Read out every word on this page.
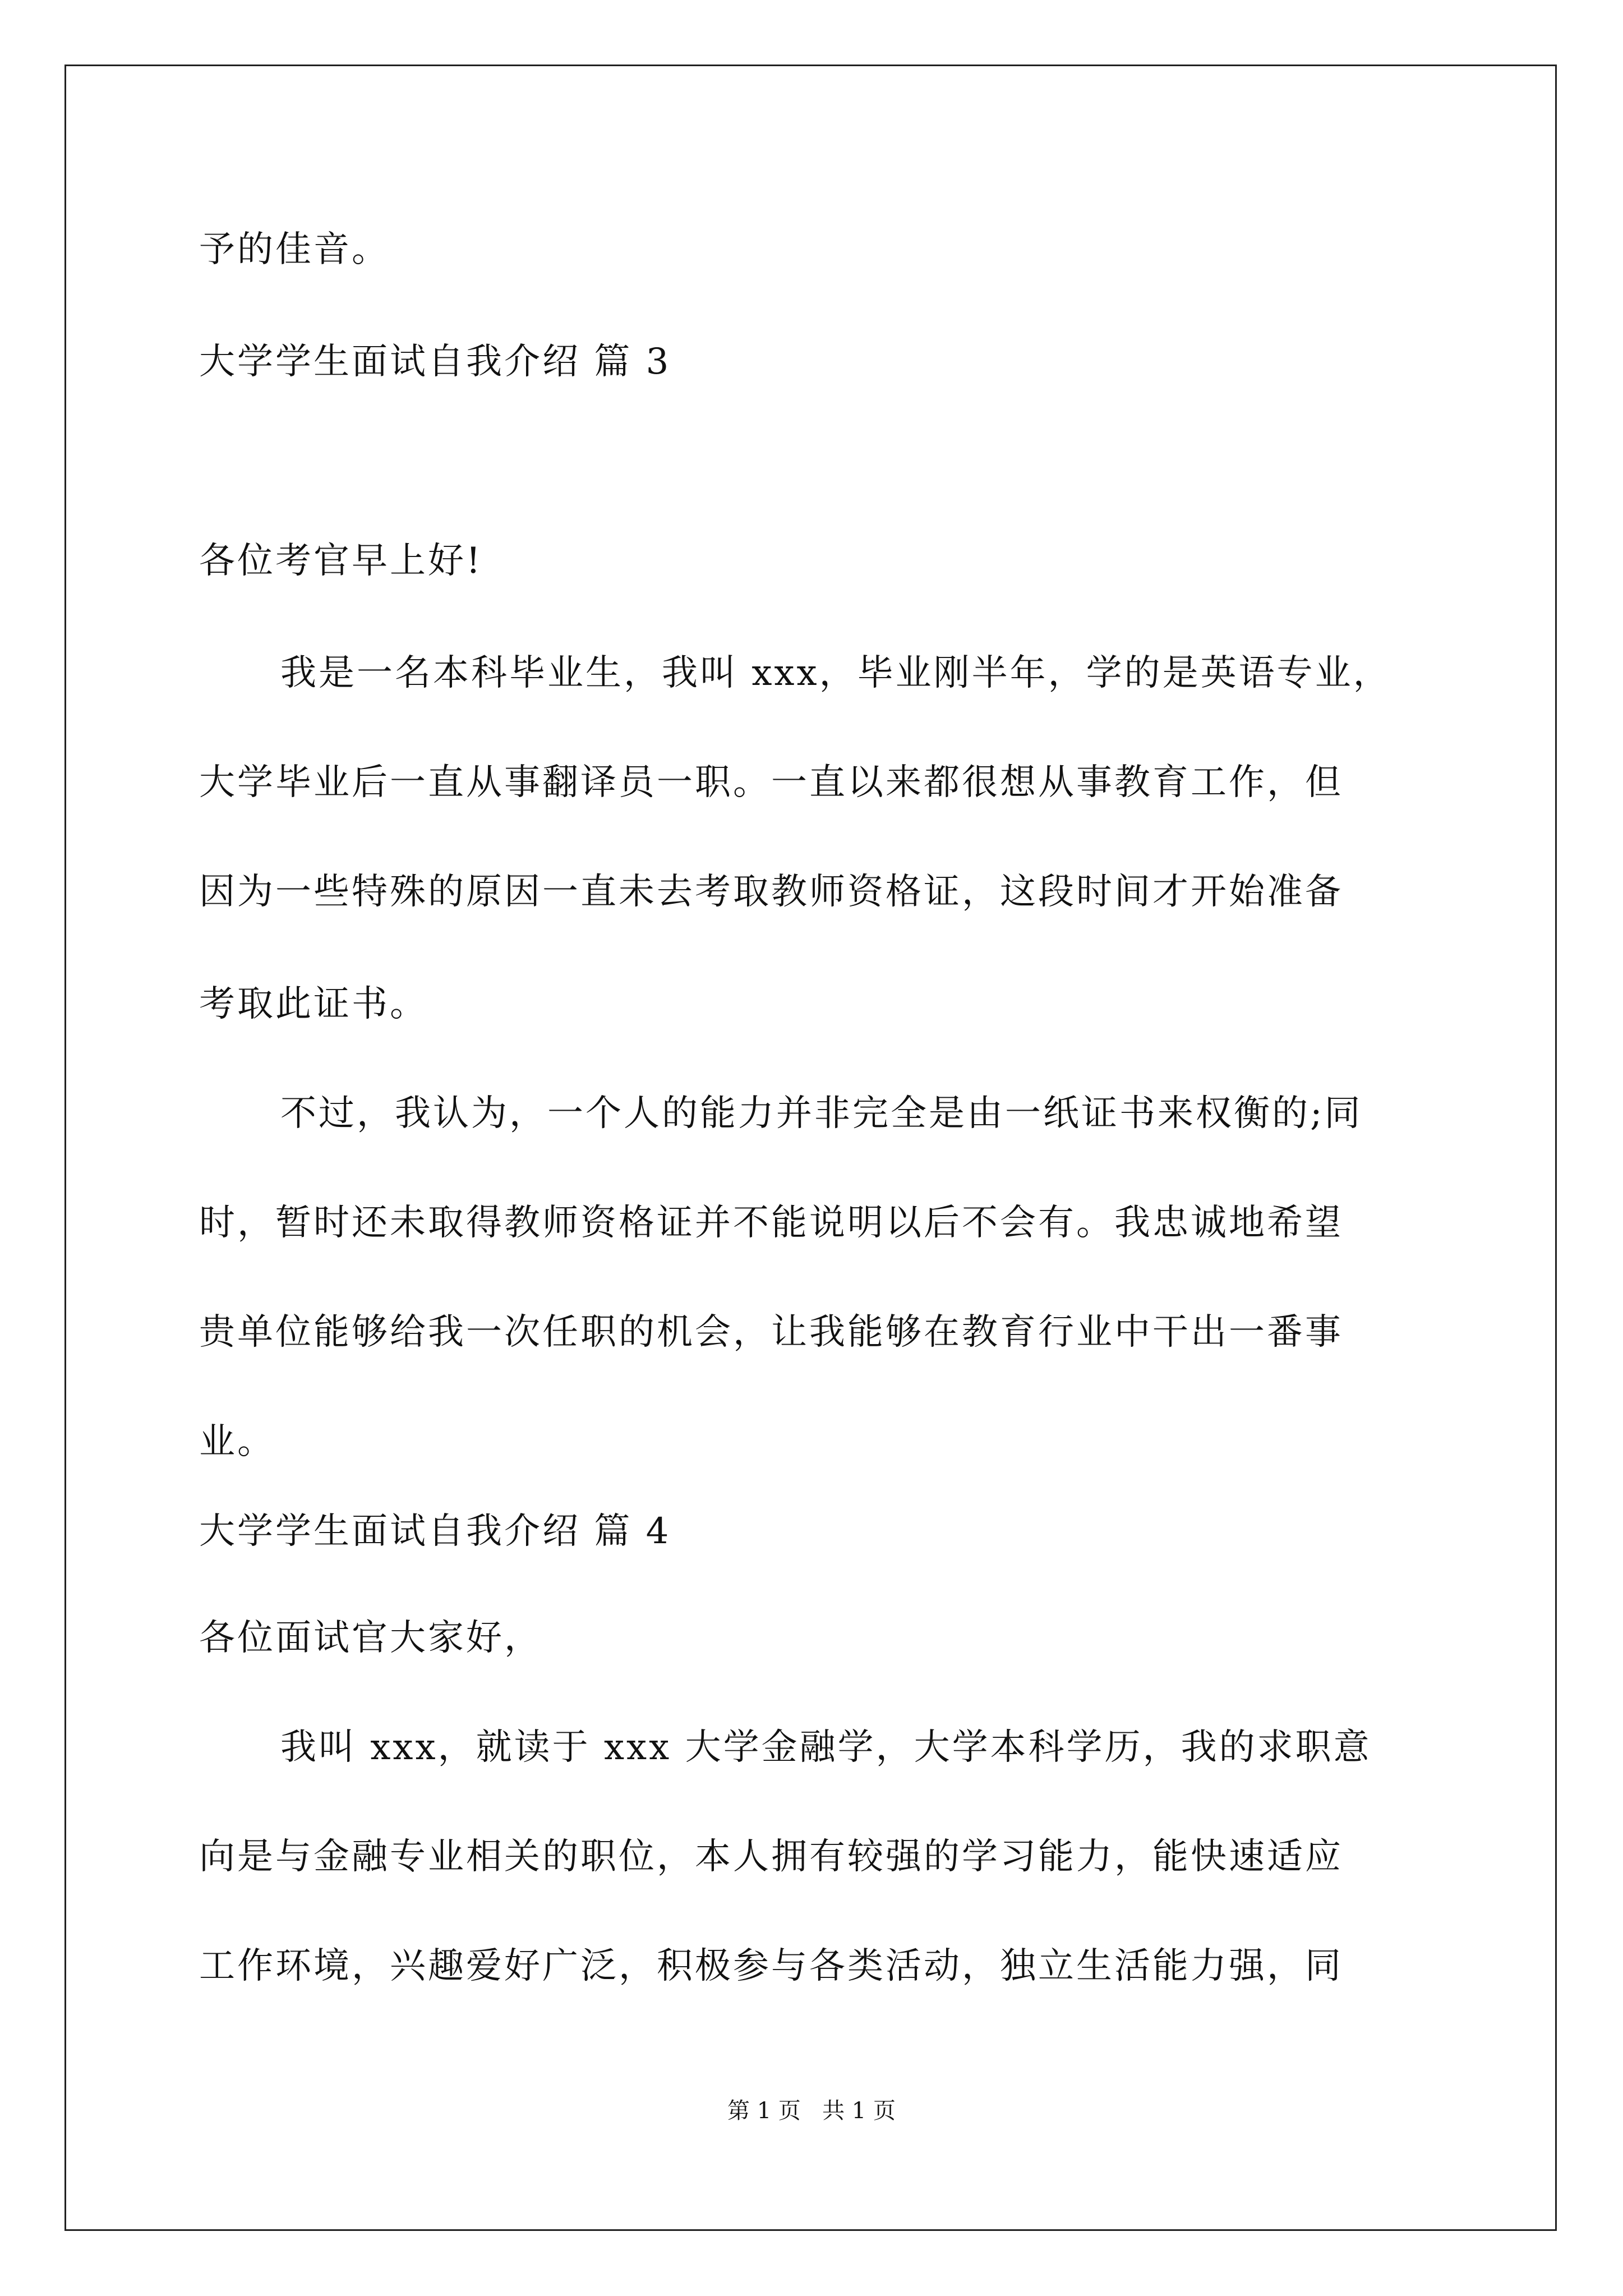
予的佳音。
大学学生面试自我介绍 篇 3
各位考官早上好!
我是一名本科毕业生，我叫 xxx，毕业刚半年，学的是英语专业，
大学毕业后一直从事翻译员一职。一直以来都很想从事教育工作，但
因为一些特殊的原因一直未去考取教师资格证，这段时间才开始准备
考取此证书。
不过，我认为，一个人的能力并非完全是由一纸证书来权衡的;同
时，暂时还未取得教师资格证并不能说明以后不会有。我忠诚地希望
贵单位能够给我一次任职的机会，让我能够在教育行业中干出一番事
业。
大学学生面试自我介绍 篇 4
各位面试官大家好，
我叫 xxx，就读于 xxx 大学金融学，大学本科学历，我的求职意
向是与金融专业相关的职位，本人拥有较强的学习能力，能快速适应
工作环境，兴趣爱好广泛，积极参与各类活动，独立生活能力强，同
第 1 页   共 1 页
